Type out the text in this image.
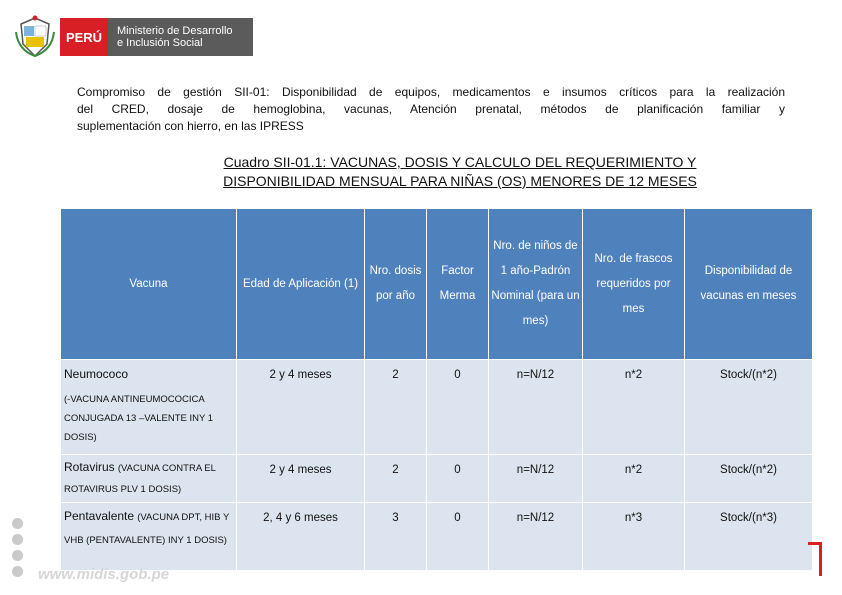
PERÚ	Ministerio de Desarrollo
e Inclusión Social
Compromiso de gestión SII-01: Disponibilidad de equipos, medicamentos e insumos críticos para la realización
del CRED, dosaje de hemoglobina, vacunas, Atención prenatal, métodos de planificación familiar y
suplementación con hierro, en las IPRESS
Cuadro SII-01.1: VACUNAS, DOSIS Y CALCULO DEL REQUERIMIENTO Y
DISPONIBILIDAD MENSUAL PARA NIÑAS (OS) MENORES DE 12 MESES
Vacuna	Edad de Aplicación (1)	Nro. dosis por año	Factor Merma	Nro. de niños de 1 año-Padrón Nominal (para un mes)	Nro. de frascos requeridos por mes	Disponibilidad de vacunas en meses

Neumococo
(-VACUNA ANTINEUMOCOCICA CONJUGADA 13 –VALENTE INY 1 DOSIS)	2 y 4 meses	2	0	n=N/12	n*2	Stock/(n*2)
Rotavirus (VACUNA CONTRA EL ROTAVIRUS PLV 1 DOSIS)	2 y 4 meses	2	0	n=N/12	n*2	Stock/(n*2)
Pentavalente (VACUNA DPT, HIB Y VHB (PENTAVALENTE) INY 1 DOSIS)	2, 4 y 6 meses	3	0	n=N/12	n*3	Stock/(n*3)
www.midis.gob.pe
